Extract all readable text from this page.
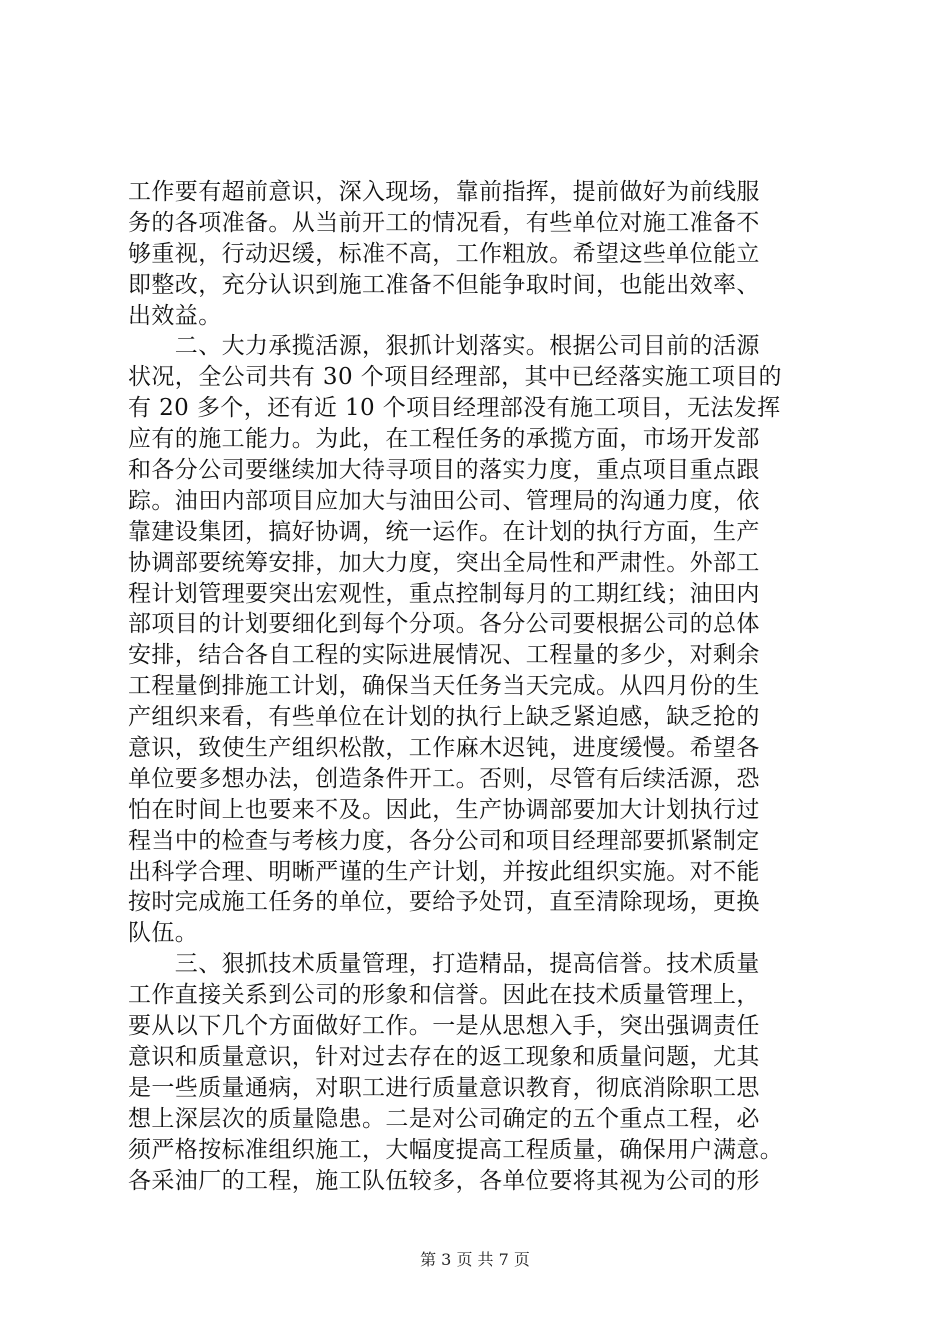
工作要有超前意识，深入现场，靠前指挥，提前做好为前线服
务的各项准备。从当前开工的情况看，有些单位对施工准备不
够重视，行动迟缓，标准不高，工作粗放。希望这些单位能立
即整改，充分认识到施工准备不但能争取时间，也能出效率、
出效益。
　　二、大力承揽活源，狠抓计划落实。根据公司目前的活源
状况，全公司共有 30 个项目经理部，其中已经落实施工项目的
有 20 多个，还有近 10 个项目经理部没有施工项目，无法发挥
应有的施工能力。为此，在工程任务的承揽方面，市场开发部
和各分公司要继续加大待寻项目的落实力度，重点项目重点跟
踪。油田内部项目应加大与油田公司、管理局的沟通力度，依
靠建设集团，搞好协调，统一运作。在计划的执行方面，生产
协调部要统筹安排，加大力度，突出全局性和严肃性。外部工
程计划管理要突出宏观性，重点控制每月的工期红线；油田内
部项目的计划要细化到每个分项。各分公司要根据公司的总体
安排，结合各自工程的实际进展情况、工程量的多少，对剩余
工程量倒排施工计划，确保当天任务当天完成。从四月份的生
产组织来看，有些单位在计划的执行上缺乏紧迫感，缺乏抢的
意识，致使生产组织松散，工作麻木迟钝，进度缓慢。希望各
单位要多想办法，创造条件开工。否则，尽管有后续活源，恐
怕在时间上也要来不及。因此，生产协调部要加大计划执行过
程当中的检查与考核力度，各分公司和项目经理部要抓紧制定
出科学合理、明晰严谨的生产计划，并按此组织实施。对不能
按时完成施工任务的单位，要给予处罚，直至清除现场，更换
队伍。
　　三、狠抓技术质量管理，打造精品，提高信誉。技术质量
工作直接关系到公司的形象和信誉。因此在技术质量管理上，
要从以下几个方面做好工作。一是从思想入手，突出强调责任
意识和质量意识，针对过去存在的返工现象和质量问题，尤其
是一些质量通病，对职工进行质量意识教育，彻底消除职工思
想上深层次的质量隐患。二是对公司确定的五个重点工程，必
须严格按标准组织施工，大幅度提高工程质量，确保用户满意。
各采油厂的工程，施工队伍较多，各单位要将其视为公司的形
第 3 页 共 7 页
